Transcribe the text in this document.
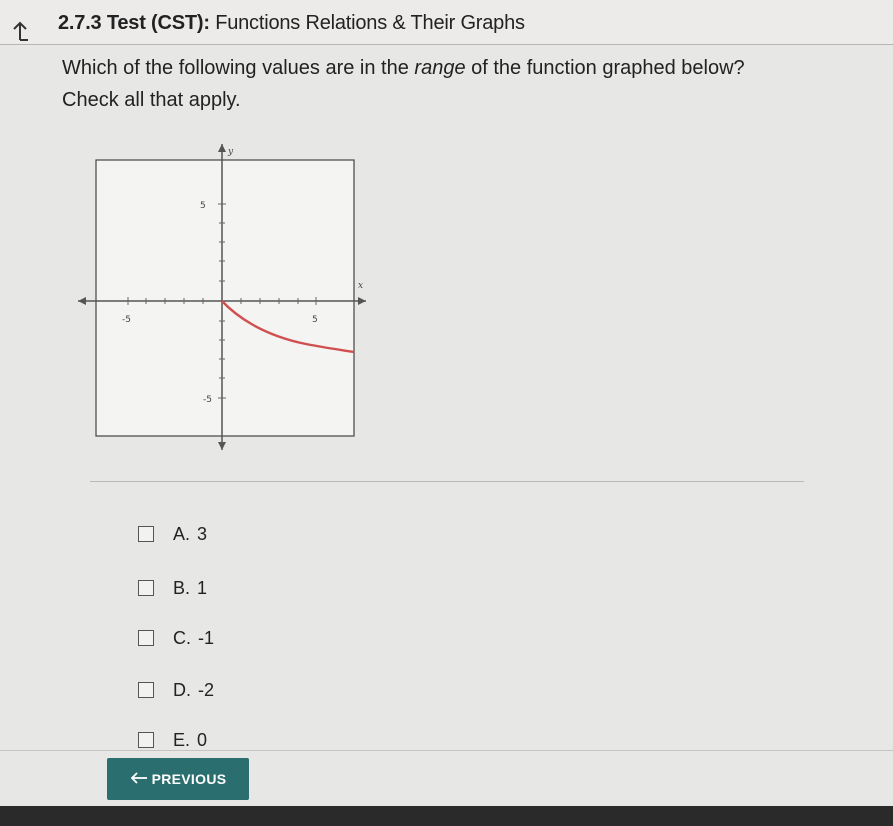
2.7.3 Test (CST): Functions Relations & Their Graphs
Which of the following values are in the range of the function graphed below?
Check all that apply.
y
x
-5	5
5
-5
A. 3
B. 1
C. -1
D. -2
E. 0
PREVIOUS
